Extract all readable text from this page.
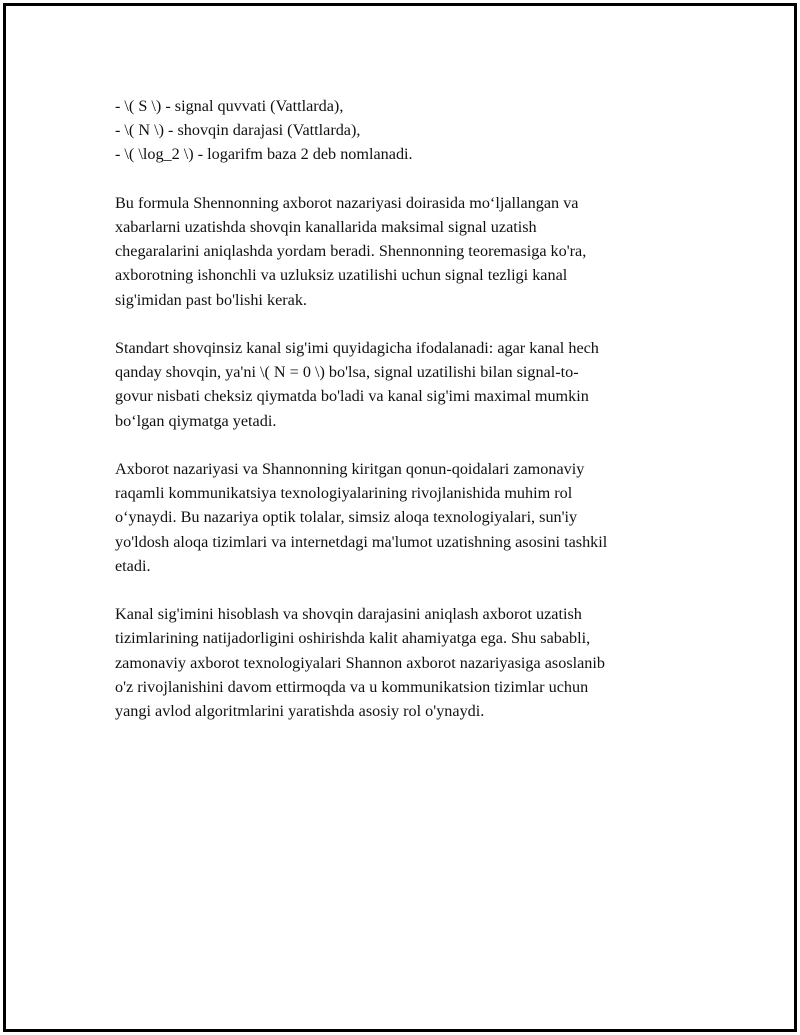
- \( S \) - signal quvvati (Vattlarda),
- \( N \) - shovqin darajasi (Vattlarda),
- \( \log_2 \) - logarifm baza 2 deb nomlanadi.

Bu formula Shennonning axborot nazariyasi doirasida mo‘ljallangan va
xabarlarni uzatishda shovqin kanallarida maksimal signal uzatish
chegaralarini aniqlashda yordam beradi. Shennonning teoremasiga ko'ra,
axborotning ishonchli va uzluksiz uzatilishi uchun signal tezligi kanal
sig'imidan past bo'lishi kerak.

Standart shovqinsiz kanal sig'imi quyidagicha ifodalanadi: agar kanal hech
qanday shovqin, ya'ni \( N = 0 \) bo'lsa, signal uzatilishi bilan signal-to-
govur nisbati cheksiz qiymatda bo'ladi va kanal sig'imi maximal mumkin
bo‘lgan qiymatga yetadi.

Axborot nazariyasi va Shannonning kiritgan qonun-qoidalari zamonaviy
raqamli kommunikatsiya texnologiyalarining rivojlanishida muhim rol
o‘ynaydi. Bu nazariya optik tolalar, simsiz aloqa texnologiyalari, sun'iy
yo'ldosh aloqa tizimlari va internetdagi ma'lumot uzatishning asosini tashkil
etadi.

Kanal sig'imini hisoblash va shovqin darajasini aniqlash axborot uzatish
tizimlarining natijadorligini oshirishda kalit ahamiyatga ega. Shu sababli,
zamonaviy axborot texnologiyalari Shannon axborot nazariyasiga asoslanib
o'z rivojlanishini davom ettirmoqda va u kommunikatsion tizimlar uchun
yangi avlod algoritmlarini yaratishda asosiy rol o'ynaydi.
